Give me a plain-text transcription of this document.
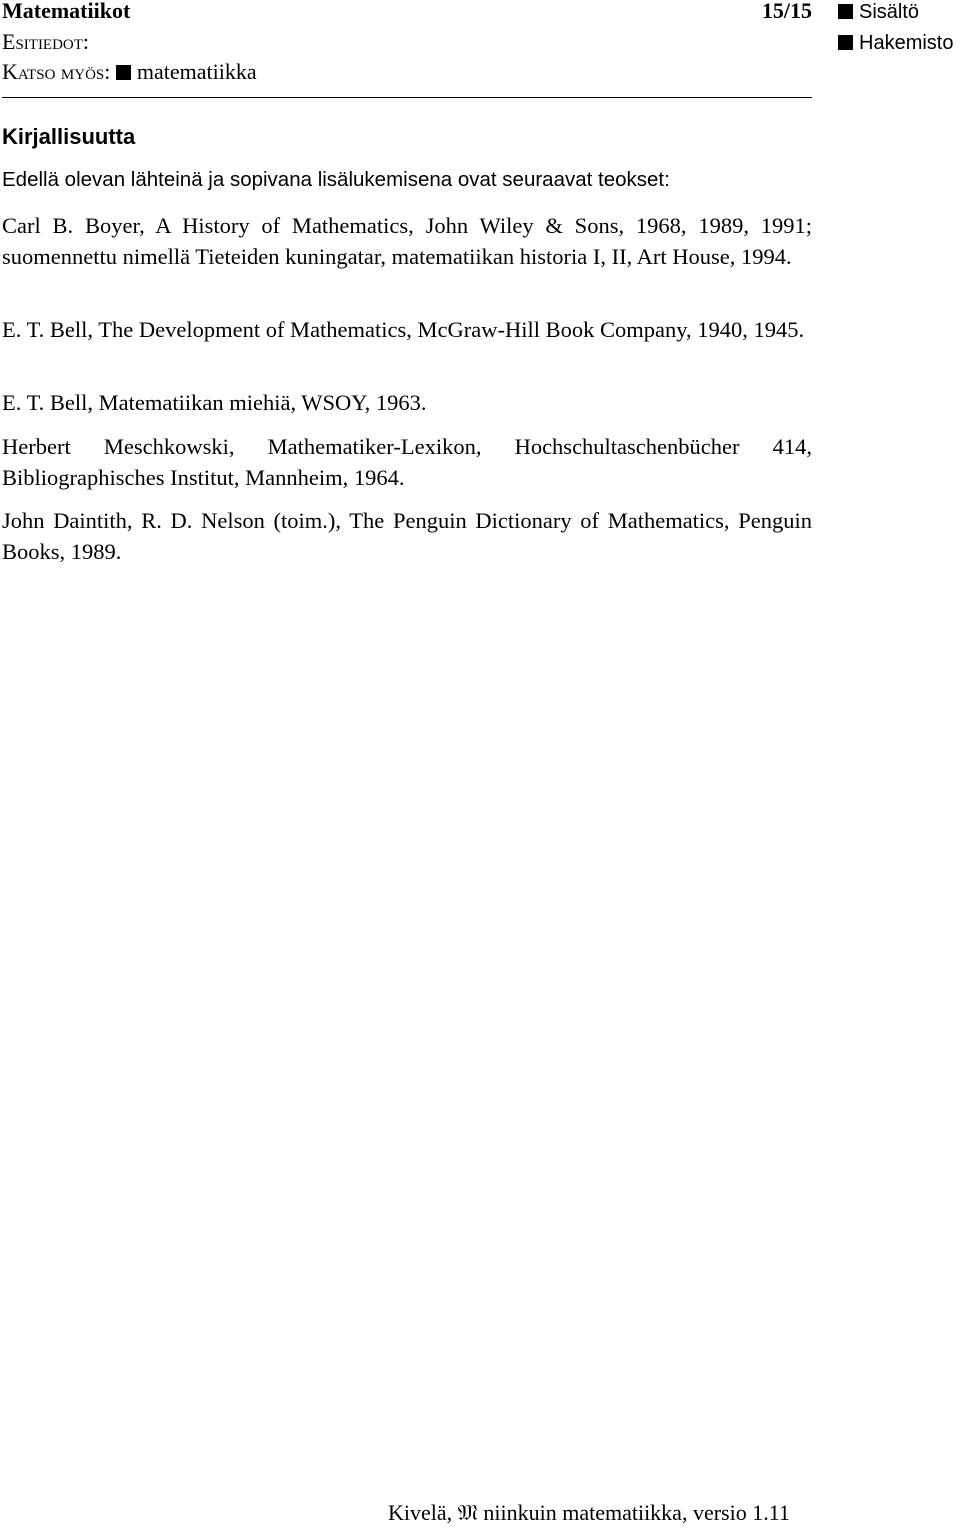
Matematiikot	15/15
Esitiedot:
Katso myös: matematiikka
Sisältö
Hakemisto
Kirjallisuutta
Edellä olevan lähteinä ja sopivana lisälukemisena ovat seuraavat teokset:
Carl B. Boyer, A History of Mathematics, John Wiley & Sons, 1968, 1989, 1991; suomennettu nimellä Tieteiden kuningatar, matematiikan historia I, II, Art House, 1994.
E. T. Bell, The Development of Mathematics, McGraw-Hill Book Company, 1940, 1945.
E. T. Bell, Matematiikan miehiä, WSOY, 1963.
Herbert Meschkowski, Mathematiker-Lexikon, Hochschultaschenbücher 414, Bibliographisches Institut, Mannheim, 1964.
John Daintith, R. D. Nelson (toim.), The Penguin Dictionary of Mathematics, Penguin Books, 1989.
Kivelä, 𝔐 niinkuin matematiikka, versio 1.11
